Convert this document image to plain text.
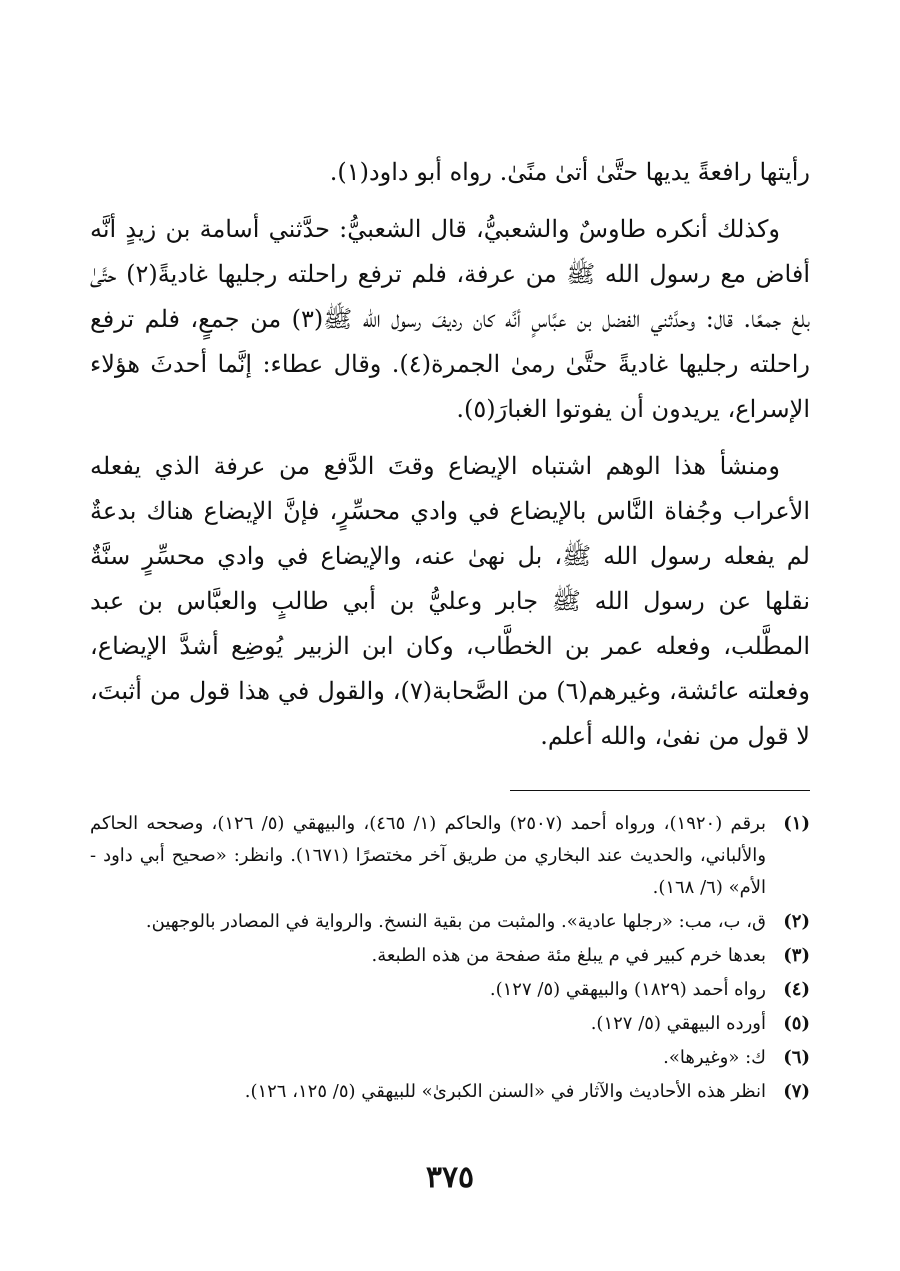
رأيتها رافعةً يديها حتَّىٰ أتىٰ منًىٰ. رواه أبو داود(١).

وكذلك أنكره طاوسٌ والشعبيُّ، قال الشعبيُّ: حدَّثني أسامة بن زيدٍ أنَّه أفاض مع رسول الله ﷺ من عرفة، فلم ترفع راحلته رجليها غاديةً(٢) حتَّىٰ بلغ جمعًا. قال: وحدَّثني الفضل بن عبَّاسٍ أنَّه كان رديفَ رسول الله ﷺ(٣) من جمعٍ، فلم ترفع راحلته رجليها غاديةً حتَّىٰ رمىٰ الجمرة(٤). وقال عطاء: إنَّما أحدثَ هؤلاء الإسراع، يريدون أن يفوتوا الغبارَ(٥).

ومنشأ هذا الوهم اشتباه الإيضاع وقتَ الدَّفع من عرفة الذي يفعله الأعراب وجُفاة النَّاس بالإيضاع في وادي محسِّرٍ، فإنَّ الإيضاع هناك بدعةٌ لم يفعله رسول الله ﷺ، بل نهىٰ عنه، والإيضاع في وادي محسِّرٍ سنَّةٌ نقلها عن رسول الله ﷺ جابر وعليُّ بن أبي طالبٍ والعبَّاس بن عبد المطَّلب، وفعله عمر بن الخطَّاب، وكان ابن الزبير يُوضِع أشدَّ الإيضاع، وفعلته عائشة، وغيرهم(٦) من الصَّحابة(٧)، والقول في هذا قول من أثبتَ، لا قول من نفىٰ، والله أعلم.

(١)
برقم (١٩٢٠)، ورواه أحمد (٢٥٠٧) والحاكم (١/ ٤٦٥)، والبيهقي (٥/ ١٢٦)، وصححه الحاكم والألباني، والحديث عند البخاري من طريق آخر مختصرًا (١٦٧١). وانظر: «صحيح أبي داود - الأم» (٦/ ١٦٨).
(٢)
ق، ب، مب: «رجلها عادية». والمثبت من بقية النسخ. والرواية في المصادر بالوجهين.
(٣)
بعدها خرم كبير في م يبلغ مئة صفحة من هذه الطبعة.
(٤)
رواه أحمد (١٨٢٩) والبيهقي (٥/ ١٢٧).
(٥)
أورده البيهقي (٥/ ١٢٧).
(٦)
ك: «وغيرها».
(٧)
انظر هذه الأحاديث والآثار في «السنن الكبرىٰ» للبيهقي (٥/ ١٢٥، ١٢٦).
٣٧٥
